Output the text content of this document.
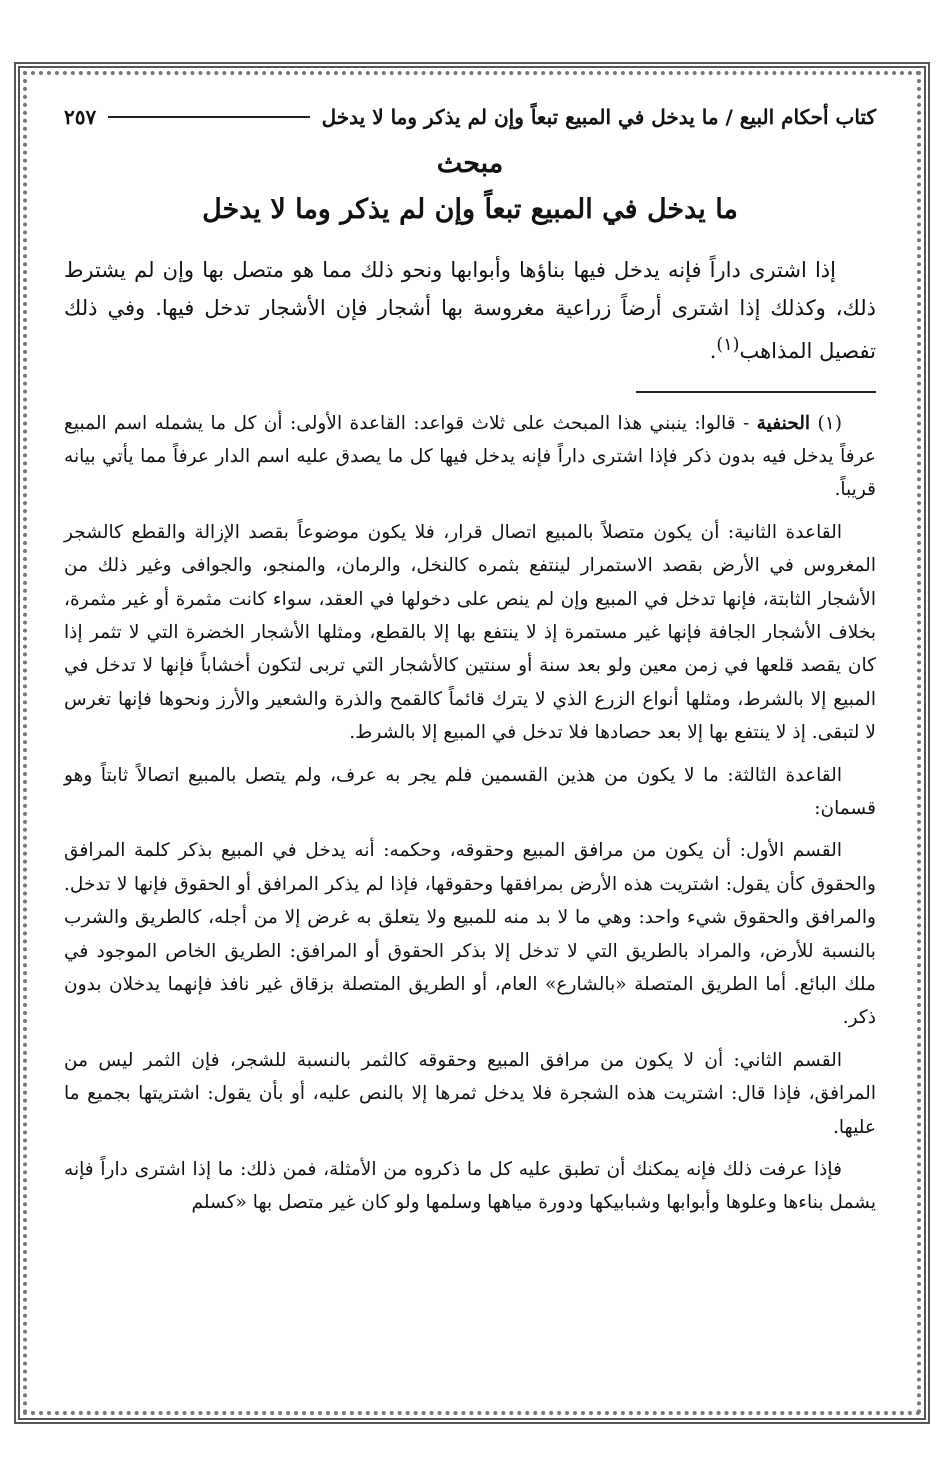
كتاب أحكام البيع / ما يدخل في المبيع تبعاً وإن لم يذكر وما لا يدخل
٢٥٧
مبحث
ما يدخل في المبيع تبعاً وإن لم يذكر وما لا يدخل
إذا اشترى داراً فإنه يدخل فيها بناؤها وأبوابها ونحو ذلك مما هو متصل بها وإن لم يشترط ذلك، وكذلك إذا اشترى أرضاً زراعية مغروسة بها أشجار فإن الأشجار تدخل فيها. وفي ذلك تفصيل المذاهب$^{(١)}$.

(١) الحنفية - قالوا: ينبني هذا المبحث على ثلاث قواعد: القاعدة الأولى: أن كل ما يشمله اسم المبيع عرفاً يدخل فيه بدون ذكر فإذا اشترى داراً فإنه يدخل فيها كل ما يصدق عليه اسم الدار عرفاً مما يأتي بيانه قريباً.

القاعدة الثانية: أن يكون متصلاً بالمبيع اتصال قرار، فلا يكون موضوعاً بقصد الإزالة والقطع كالشجر المغروس في الأرض بقصد الاستمرار لينتفع بثمره كالنخل، والرمان، والمنجو، والجوافى وغير ذلك من الأشجار الثابتة، فإنها تدخل في المبيع وإن لم ينص على دخولها في العقد، سواء كانت مثمرة أو غير مثمرة، بخلاف الأشجار الجافة فإنها غير مستمرة إذ لا ينتفع بها إلا بالقطع، ومثلها الأشجار الخضرة التي لا تثمر إذا كان يقصد قلعها في زمن معين ولو بعد سنة أو سنتين كالأشجار التي تربى لتكون أخشاباً فإنها لا تدخل في المبيع إلا بالشرط، ومثلها أنواع الزرع الذي لا يترك قائماً كالقمح والذرة والشعير والأرز ونحوها فإنها تغرس لا لتبقى. إذ لا ينتفع بها إلا بعد حصادها فلا تدخل في المبيع إلا بالشرط.

القاعدة الثالثة: ما لا يكون من هذين القسمين فلم يجر به عرف، ولم يتصل بالمبيع اتصالاً ثابتاً وهو قسمان:

القسم الأول: أن يكون من مرافق المبيع وحقوقه، وحكمه: أنه يدخل في المبيع بذكر كلمة المرافق والحقوق كأن يقول: اشتريت هذه الأرض بمرافقها وحقوقها، فإذا لم يذكر المرافق أو الحقوق فإنها لا تدخل. والمرافق والحقوق شيء واحد: وهي ما لا بد منه للمبيع ولا يتعلق به غرض إلا من أجله، كالطريق والشرب بالنسبة للأرض، والمراد بالطريق التي لا تدخل إلا بذكر الحقوق أو المرافق: الطريق الخاص الموجود في ملك البائع. أما الطريق المتصلة «بالشارع» العام، أو الطريق المتصلة بزقاق غير نافذ فإنهما يدخلان بدون ذكر.

القسم الثاني: أن لا يكون من مرافق المبيع وحقوقه كالثمر بالنسبة للشجر، فإن الثمر ليس من المرافق، فإذا قال: اشتريت هذه الشجرة فلا يدخل ثمرها إلا بالنص عليه، أو بأن يقول: اشتريتها بجميع ما عليها.

فإذا عرفت ذلك فإنه يمكنك أن تطبق عليه كل ما ذكروه من الأمثلة، فمن ذلك: ما إذا اشترى داراً فإنه يشمل بناءها وعلوها وأبوابها وشبابيكها ودورة مياهها وسلمها ولو كان غير متصل بها «كسلم
